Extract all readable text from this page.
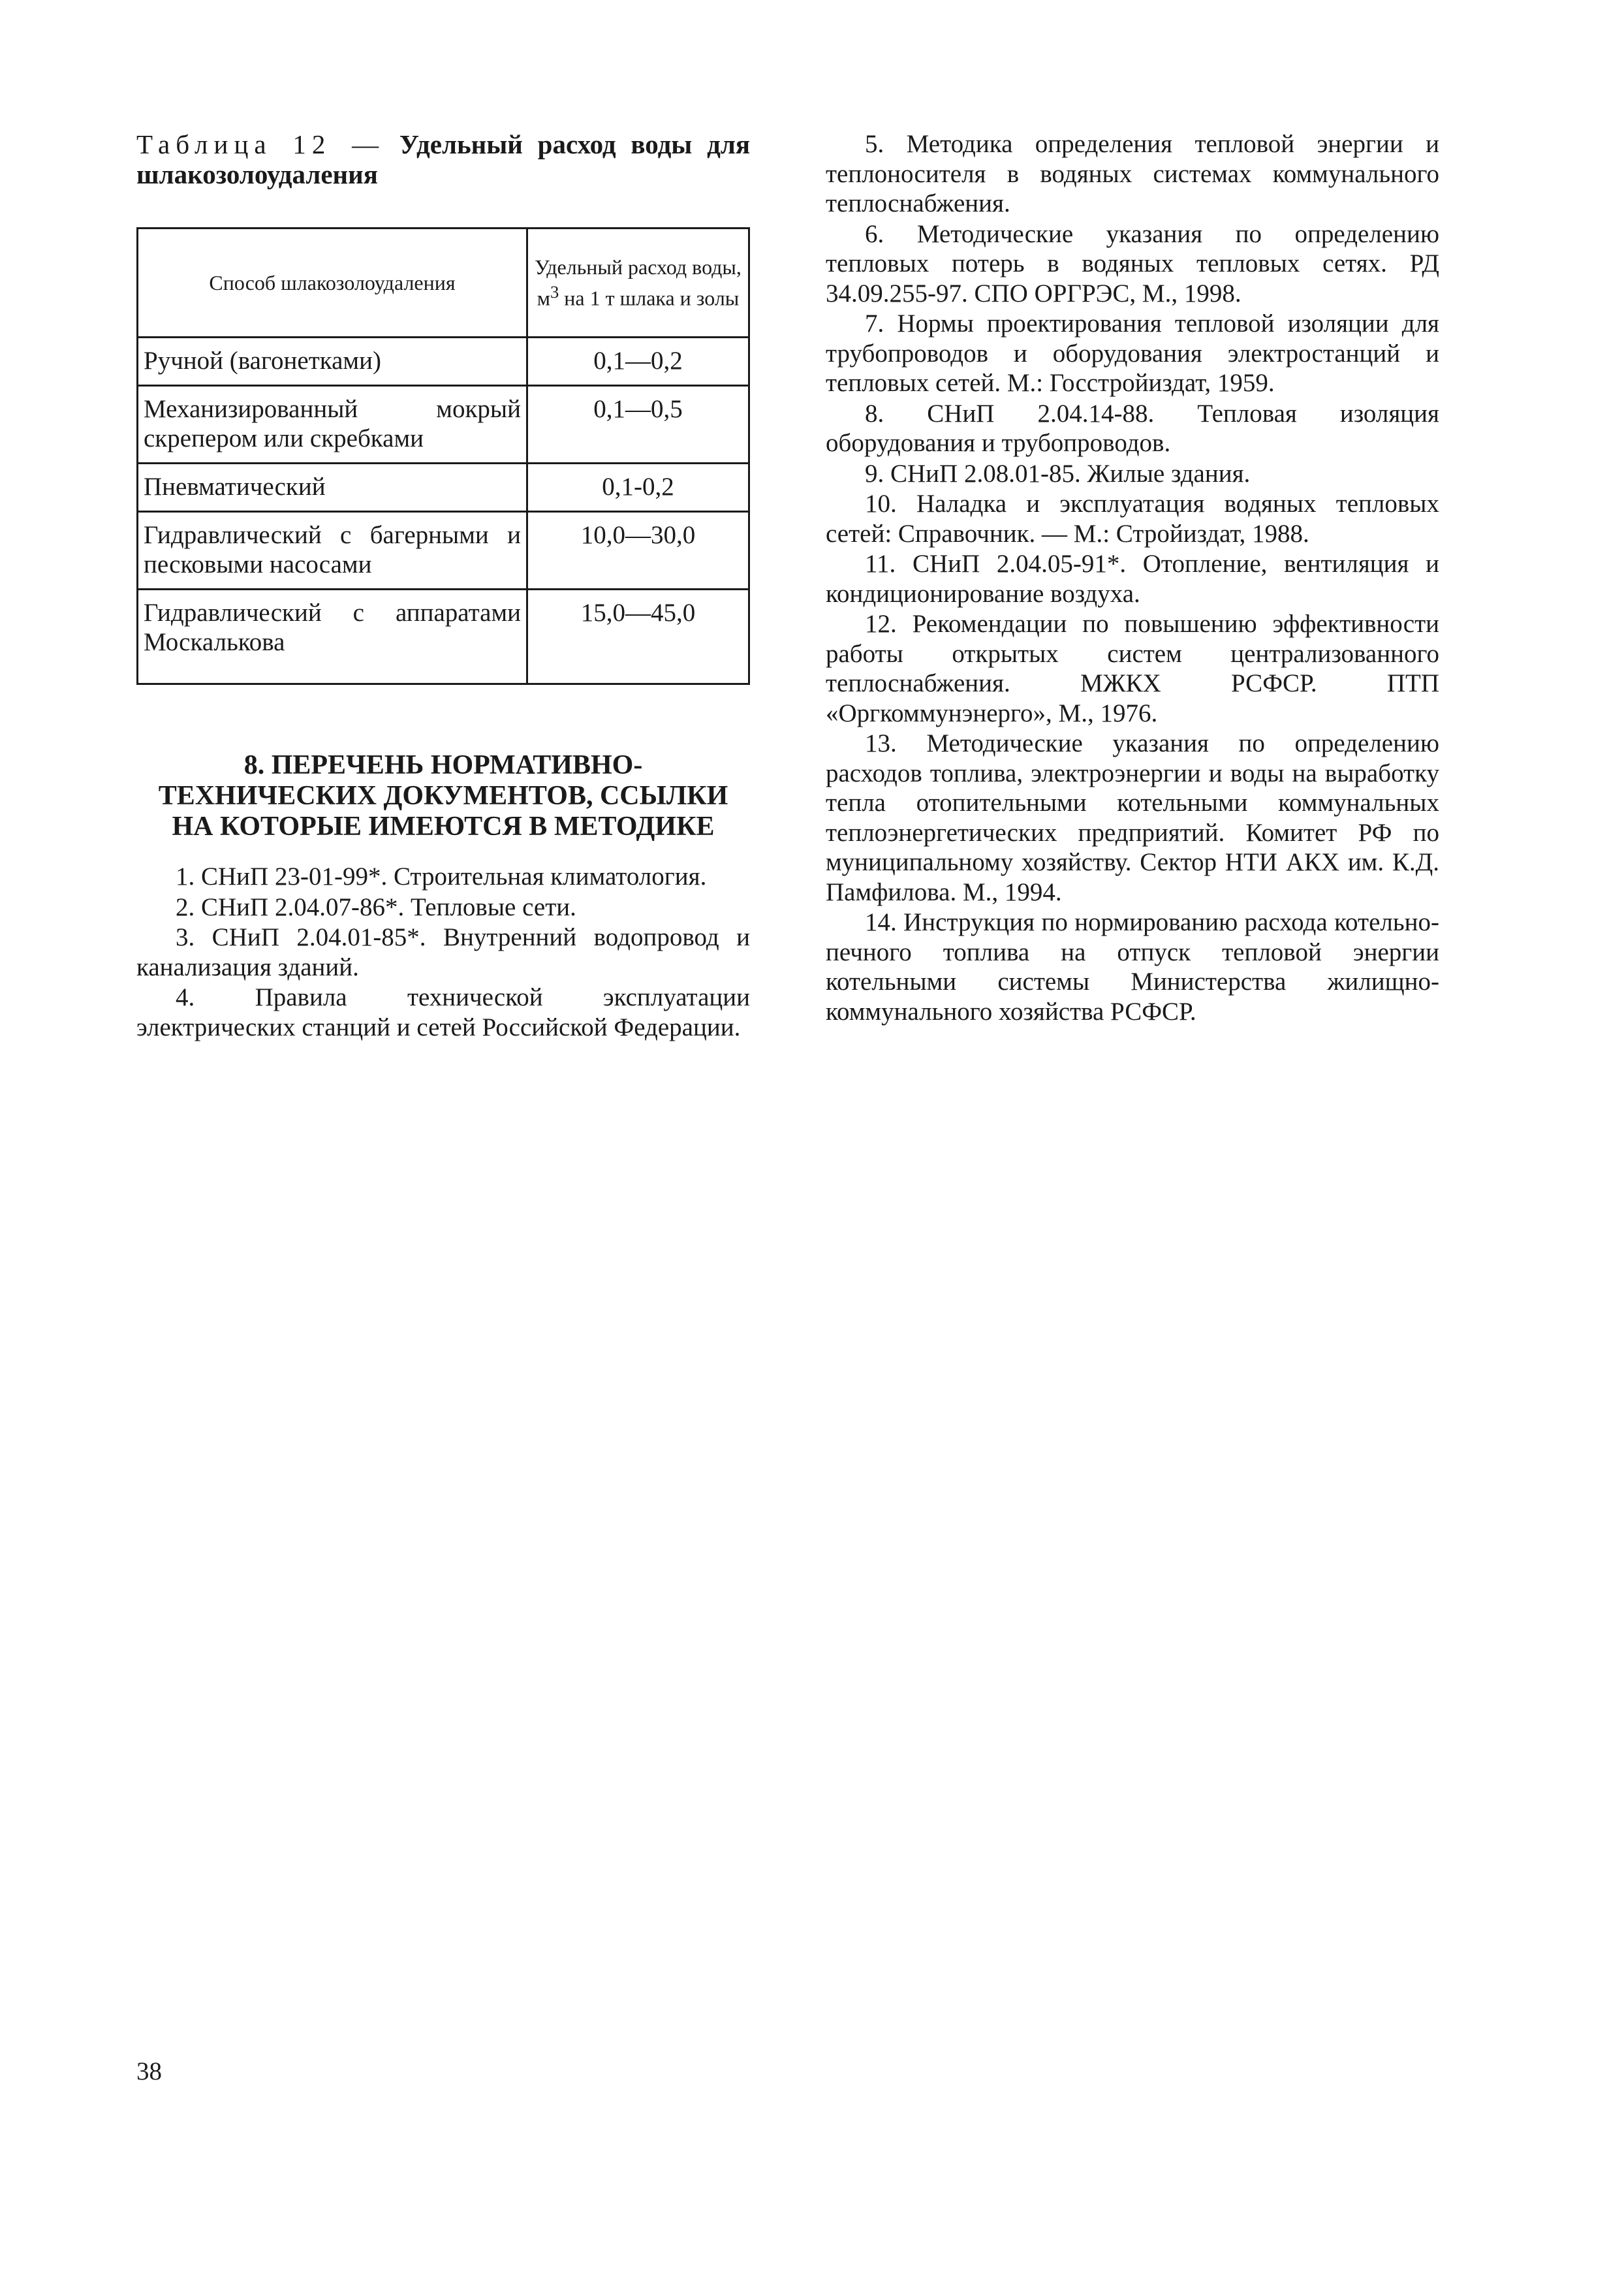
Таблица 12 — Удельный расход воды для шлакозолоудаления

Способ шлакозолоудаления	Удельный расход воды, $м^3$ на 1 т шлака и золы
Ручной (вагонетками)	0,1—0,2
Механизированный мокрый скрепером или скребками	0,1—0,5
Пневматический	0,1-0,2
Гидравлический с багерными и песковыми насосами	10,0—30,0
Гидравлический с аппаратами Москалькова	15,0—45,0
8. ПЕРЕЧЕНЬ НОРМАТИВНО-ТЕХНИЧЕСКИХ ДОКУМЕНТОВ, ССЫЛКИ НА КОТОРЫЕ ИМЕЮТСЯ В МЕТОДИКЕ

1. СНиП 23-01-99*. Строительная климатология.

2. СНиП 2.04.07-86*. Тепловые сети.

3. СНиП 2.04.01-85*. Внутренний водопровод и канализация зданий.

4. Правила технической эксплуатации электрических станций и сетей Российской Федерации.

5. Методика определения тепловой энергии и теплоносителя в водяных системах коммунального теплоснабжения.

6. Методические указания по определению тепловых потерь в водяных тепловых сетях. РД 34.09.255-97. СПО ОРГРЭС, М., 1998.

7. Нормы проектирования тепловой изоляции для трубопроводов и оборудования электростанций и тепловых сетей. М.: Госстройиздат, 1959.

8. СНиП 2.04.14-88. Тепловая изоляция оборудования и трубопроводов.

9. СНиП 2.08.01-85. Жилые здания.

10. Наладка и эксплуатация водяных тепловых сетей: Справочник. — М.: Стройиздат, 1988.

11. СНиП 2.04.05-91*. Отопление, вентиляция и кондиционирование воздуха.

12. Рекомендации по повышению эффективности работы открытых систем централизованного теплоснабжения. МЖКХ РСФСР. ПТП «Оргкоммунэнерго», М., 1976.

13. Методические указания по определению расходов топлива, электроэнергии и воды на выработку тепла отопительными котельными коммунальных теплоэнергетических предприятий. Комитет РФ по муниципальному хозяйству. Сектор НТИ АКХ им. К.Д. Памфилова. М., 1994.

14. Инструкция по нормированию расхода котельно-печного топлива на отпуск тепловой энергии котельными системы Министерства жилищно-коммунального хозяйства РСФСР.

38
